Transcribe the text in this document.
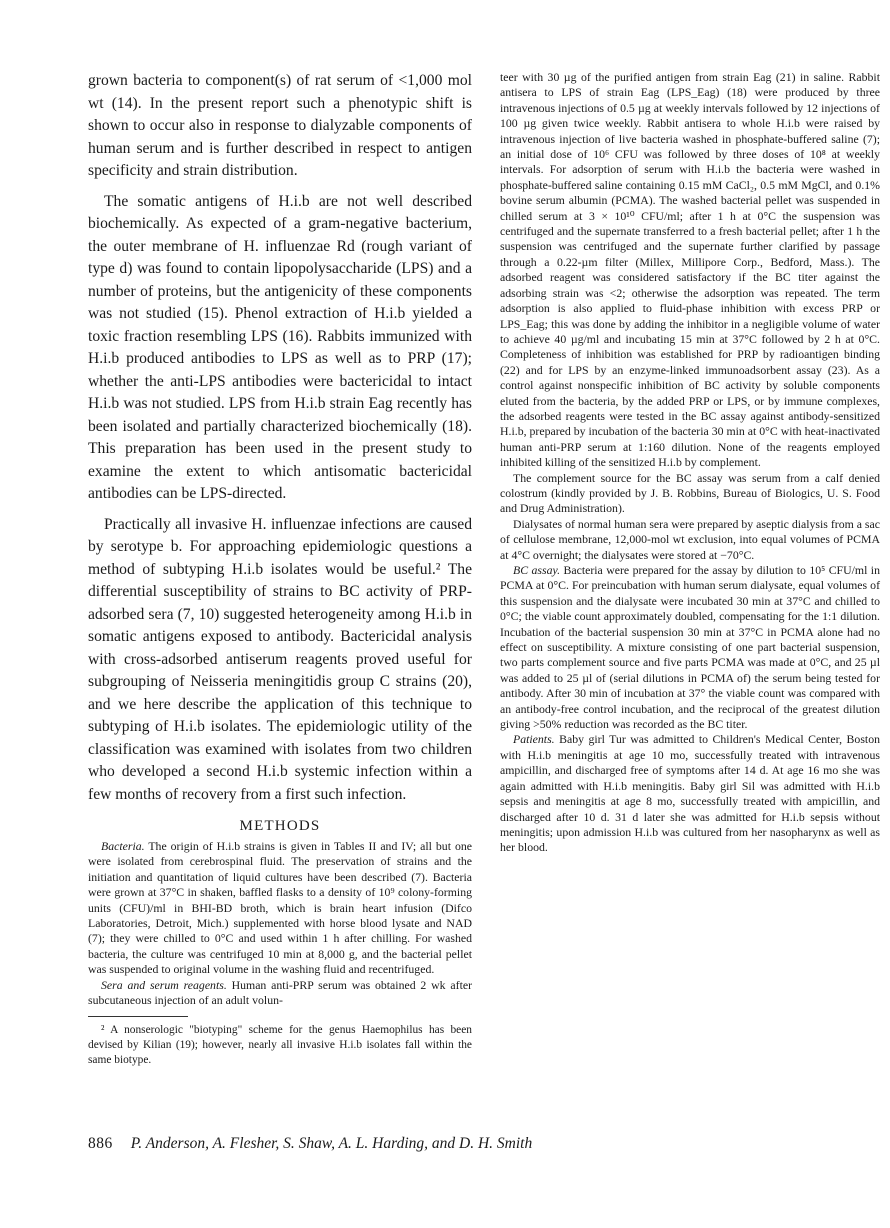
grown bacteria to component(s) of rat serum of <1,000 mol wt (14). In the present report such a phenotypic shift is shown to occur also in response to dialyzable components of human serum and is further described in respect to antigen specificity and strain distribution.

The somatic antigens of H.i.b are not well described biochemically. As expected of a gram-negative bacterium, the outer membrane of H. influenzae Rd (rough variant of type d) was found to contain lipopolysaccharide (LPS) and a number of proteins, but the antigenicity of these components was not studied (15). Phenol extraction of H.i.b yielded a toxic fraction resembling LPS (16). Rabbits immunized with H.i.b produced antibodies to LPS as well as to PRP (17); whether the anti-LPS antibodies were bactericidal to intact H.i.b was not studied. LPS from H.i.b strain Eag recently has been isolated and partially characterized biochemically (18). This preparation has been used in the present study to examine the extent to which antisomatic bactericidal antibodies can be LPS-directed.

Practically all invasive H. influenzae infections are caused by serotype b. For approaching epidemiologic questions a method of subtyping H.i.b isolates would be useful.² The differential susceptibility of strains to BC activity of PRP-adsorbed sera (7, 10) suggested heterogeneity among H.i.b in somatic antigens exposed to antibody. Bactericidal analysis with cross-adsorbed antiserum reagents proved useful for subgrouping of Neisseria meningitidis group C strains (20), and we here describe the application of this technique to subtyping of H.i.b isolates. The epidemiologic utility of the classification was examined with isolates from two children who developed a second H.i.b systemic infection within a few months of recovery from a first such infection.

METHODS

Bacteria. The origin of H.i.b strains is given in Tables II and IV; all but one were isolated from cerebrospinal fluid. The preservation of strains and the initiation and quantitation of liquid cultures have been described (7). Bacteria were grown at 37°C in shaken, baffled flasks to a density of 10⁹ colony-forming units (CFU)/ml in BHI-BD broth, which is brain heart infusion (Difco Laboratories, Detroit, Mich.) supplemented with horse blood lysate and NAD (7); they were chilled to 0°C and used within 1 h after chilling. For washed bacteria, the culture was centrifuged 10 min at 8,000 g, and the bacterial pellet was suspended to original volume in the washing fluid and recentrifuged.

Sera and serum reagents. Human anti-PRP serum was obtained 2 wk after subcutaneous injection of an adult volun-

² A nonserologic "biotyping" scheme for the genus Haemophilus has been devised by Kilian (19); however, nearly all invasive H.i.b isolates fall within the same biotype.

teer with 30 µg of the purified antigen from strain Eag (21) in saline. Rabbit antisera to LPS of strain Eag (LPS_Eag) (18) were produced by three intravenous injections of 0.5 µg at weekly intervals followed by 12 injections of 100 µg given twice weekly. Rabbit antisera to whole H.i.b were raised by intravenous injection of live bacteria washed in phosphate-buffered saline (7); an initial dose of 10⁶ CFU was followed by three doses of 10⁸ at weekly intervals. For adsorption of serum with H.i.b the bacteria were washed in phosphate-buffered saline containing 0.15 mM CaCl₂, 0.5 mM MgCl, and 0.1% bovine serum albumin (PCMA). The washed bacterial pellet was suspended in chilled serum at 3 × 10¹⁰ CFU/ml; after 1 h at 0°C the suspension was centrifuged and the supernate transferred to a fresh bacterial pellet; after 1 h the suspension was centrifuged and the supernate further clarified by passage through a 0.22-µm filter (Millex, Millipore Corp., Bedford, Mass.). The adsorbed reagent was considered satisfactory if the BC titer against the adsorbing strain was <2; otherwise the adsorption was repeated. The term adsorption is also applied to fluid-phase inhibition with excess PRP or LPS_Eag; this was done by adding the inhibitor in a negligible volume of water to achieve 40 µg/ml and incubating 15 min at 37°C followed by 2 h at 0°C. Completeness of inhibition was established for PRP by radioantigen binding (22) and for LPS by an enzyme-linked immunoadsorbent assay (23). As a control against nonspecific inhibition of BC activity by soluble components eluted from the bacteria, by the added PRP or LPS, or by immune complexes, the adsorbed reagents were tested in the BC assay against antibody-sensitized H.i.b, prepared by incubation of the bacteria 30 min at 0°C with heat-inactivated human anti-PRP serum at 1:160 dilution. None of the reagents employed inhibited killing of the sensitized H.i.b by complement.

The complement source for the BC assay was serum from a calf denied colostrum (kindly provided by J. B. Robbins, Bureau of Biologics, U. S. Food and Drug Administration).

Dialysates of normal human sera were prepared by aseptic dialysis from a sac of cellulose membrane, 12,000-mol wt exclusion, into equal volumes of PCMA at 4°C overnight; the dialysates were stored at −70°C.

BC assay. Bacteria were prepared for the assay by dilution to 10⁵ CFU/ml in PCMA at 0°C. For preincubation with human serum dialysate, equal volumes of this suspension and the dialysate were incubated 30 min at 37°C and chilled to 0°C; the viable count approximately doubled, compensating for the 1:1 dilution. Incubation of the bacterial suspension 30 min at 37°C in PCMA alone had no effect on susceptibility. A mixture consisting of one part bacterial suspension, two parts complement source and five parts PCMA was made at 0°C, and 25 µl was added to 25 µl of (serial dilutions in PCMA of) the serum being tested for antibody. After 30 min of incubation at 37° the viable count was compared with an antibody-free control incubation, and the reciprocal of the greatest dilution giving >50% reduction was recorded as the BC titer.

Patients. Baby girl Tur was admitted to Children's Medical Center, Boston with H.i.b meningitis at age 10 mo, successfully treated with intravenous ampicillin, and discharged free of symptoms after 14 d. At age 16 mo she was again admitted with H.i.b meningitis. Baby girl Sil was admitted with H.i.b sepsis and meningitis at age 8 mo, successfully treated with ampicillin, and discharged after 10 d. 31 d later she was admitted for H.i.b sepsis without meningitis; upon admission H.i.b was cultured from her nasopharynx as well as her blood.

886 P. Anderson, A. Flesher, S. Shaw, A. L. Harding, and D. H. Smith
